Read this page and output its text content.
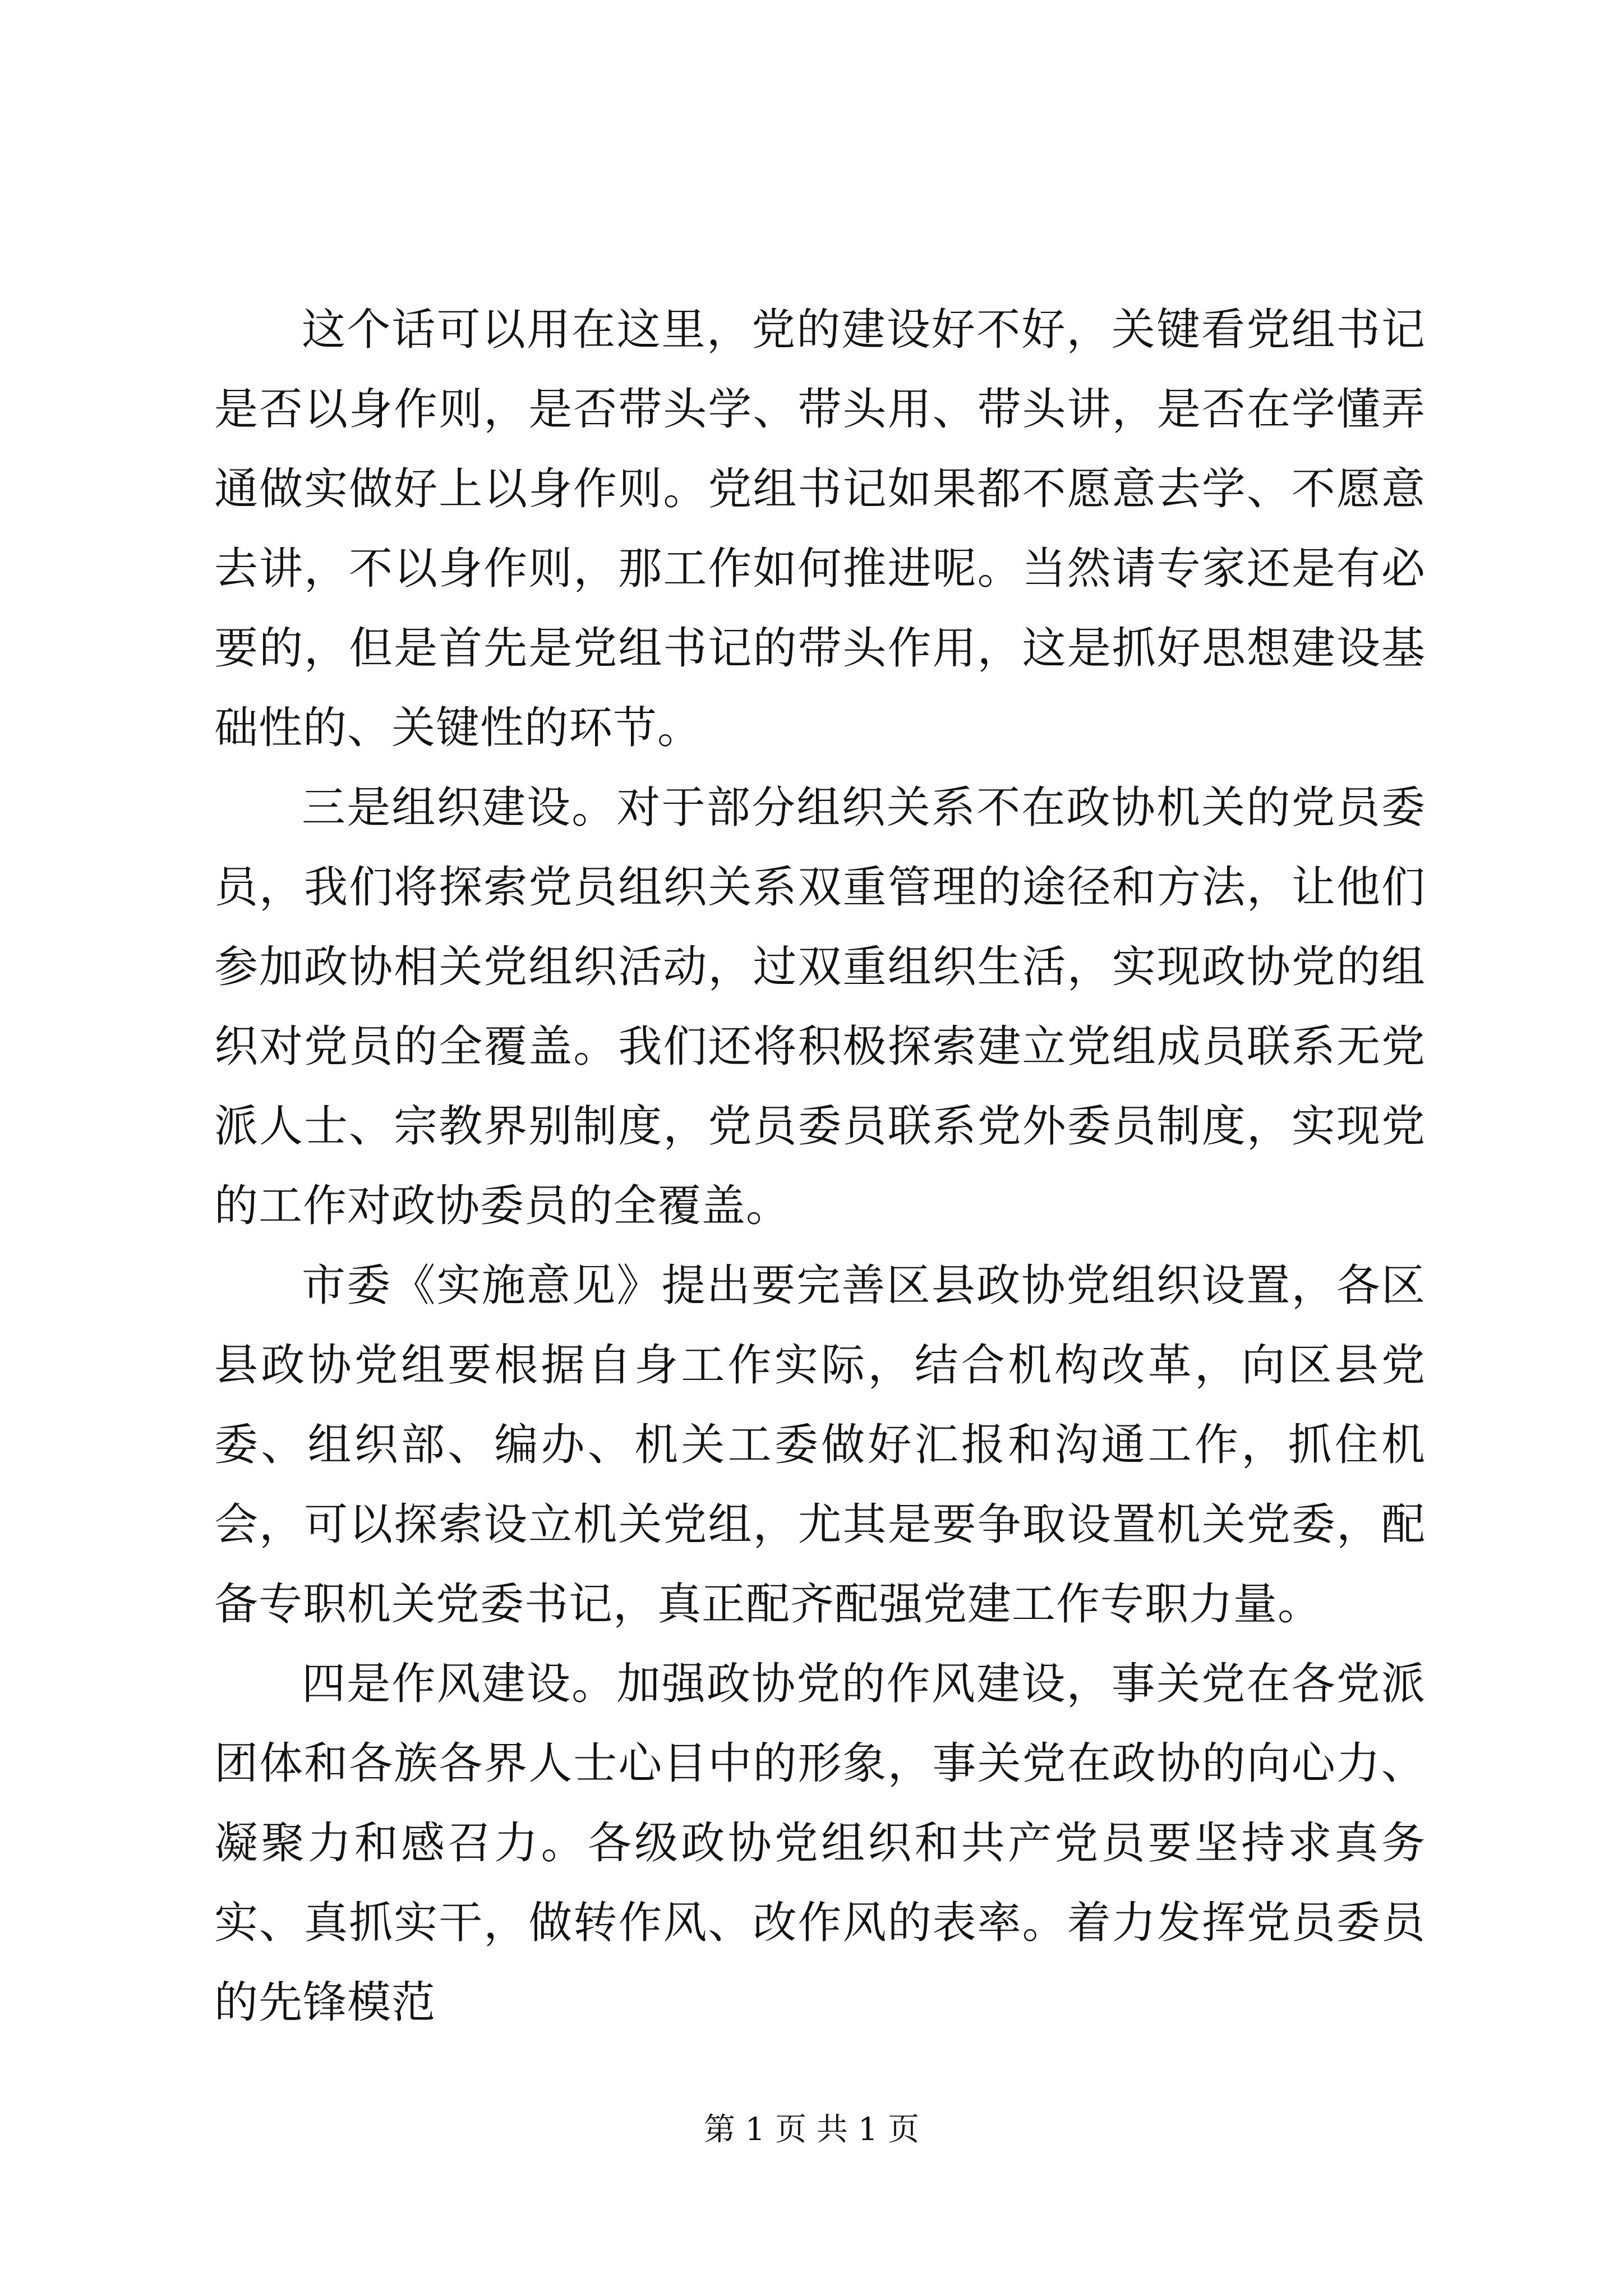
这个话可以用在这里，党的建设好不好，关键看党组书记是否以身作则，是否带头学、带头用、带头讲，是否在学懂弄通做实做好上以身作则。党组书记如果都不愿意去学、不愿意去讲，不以身作则，那工作如何推进呢。当然请专家还是有必要的，但是首先是党组书记的带头作用，这是抓好思想建设基础性的、关键性的环节。

三是组织建设。对于部分组织关系不在政协机关的党员委员，我们将探索党员组织关系双重管理的途径和方法，让他们参加政协相关党组织活动，过双重组织生活，实现政协党的组织对党员的全覆盖。我们还将积极探索建立党组成员联系无党派人士、宗教界别制度，党员委员联系党外委员制度，实现党的工作对政协委员的全覆盖。

市委《实施意见》提出要完善区县政协党组织设置，各区县政协党组要根据自身工作实际，结合机构改革，向区县党委、组织部、编办、机关工委做好汇报和沟通工作，抓住机会，可以探索设立机关党组，尤其是要争取设置机关党委，配备专职机关党委书记，真正配齐配强党建工作专职力量。

四是作风建设。加强政协党的作风建设，事关党在各党派团体和各族各界人士心目中的形象，事关党在政协的向心力、凝聚力和感召力。各级政协党组织和共产党员要坚持求真务实、真抓实干，做转作风、改作风的表率。着力发挥党员委员的先锋模范

第 1 页 共 1 页
